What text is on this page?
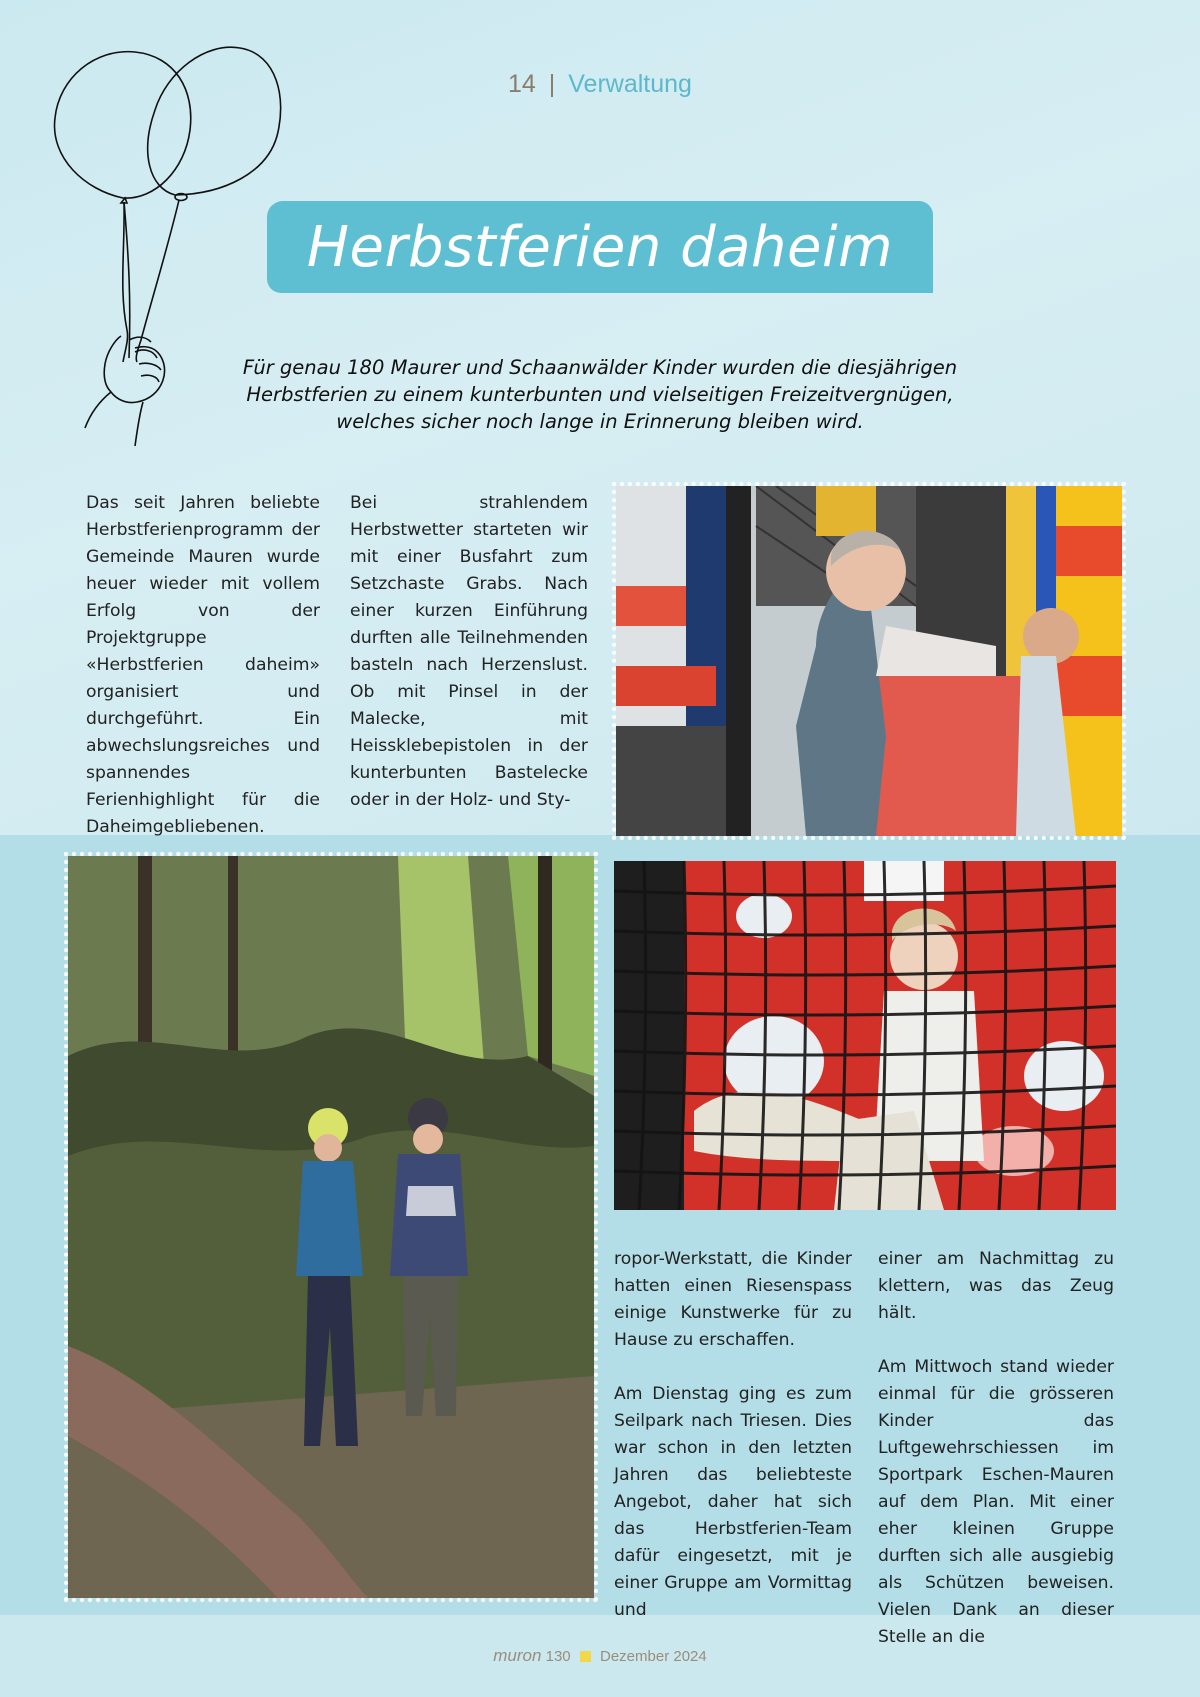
14 | Verwaltung
Herbstferien daheim
Für genau 180 Maurer und Schaanwälder Kinder wurden die diesjährigen
Herbstferien zu einem kunterbunten und vielseitigen Freizeitvergnügen,
welches sicher noch lange in Erinnerung bleiben wird.

Das seit Jahren beliebte Herbstferienprogramm der Gemeinde Mauren wurde heuer wieder mit vollem Erfolg von der Projektgruppe «Herbstferien daheim» organisiert und durchgeführt. Ein abwechslungsreiches und spannendes Ferienhighlight für die Daheimgebliebenen.

Bei strahlendem Herbstwetter starteten wir mit einer Busfahrt zum Setzchaste Grabs. Nach einer kurzen Einführung durften alle Teilnehmenden basteln nach Herzenslust. Ob mit Pinsel in der Malecke, mit Heissklebepistolen in der kunterbunten Bastelecke oder in der Holz- und Sty-

ropor-Werkstatt, die Kinder hatten einen Riesenspass einige Kunstwerke für zu Hause zu erschaffen.

Am Dienstag ging es zum Seilpark nach Triesen. Dies war schon in den letzten Jahren das beliebteste Angebot, daher hat sich das Herbstferien-Team dafür eingesetzt, mit je einer Gruppe am Vormittag und

einer am Nachmittag zu klettern, was das Zeug hält.

Am Mittwoch stand wieder einmal für die grösseren Kinder das Luftgewehrschiessen im Sportpark Eschen-Mauren auf dem Plan. Mit einer eher kleinen Gruppe durften sich alle ausgiebig als Schützen beweisen. Vielen Dank an dieser Stelle an die

muron 130 Dezember 2024
